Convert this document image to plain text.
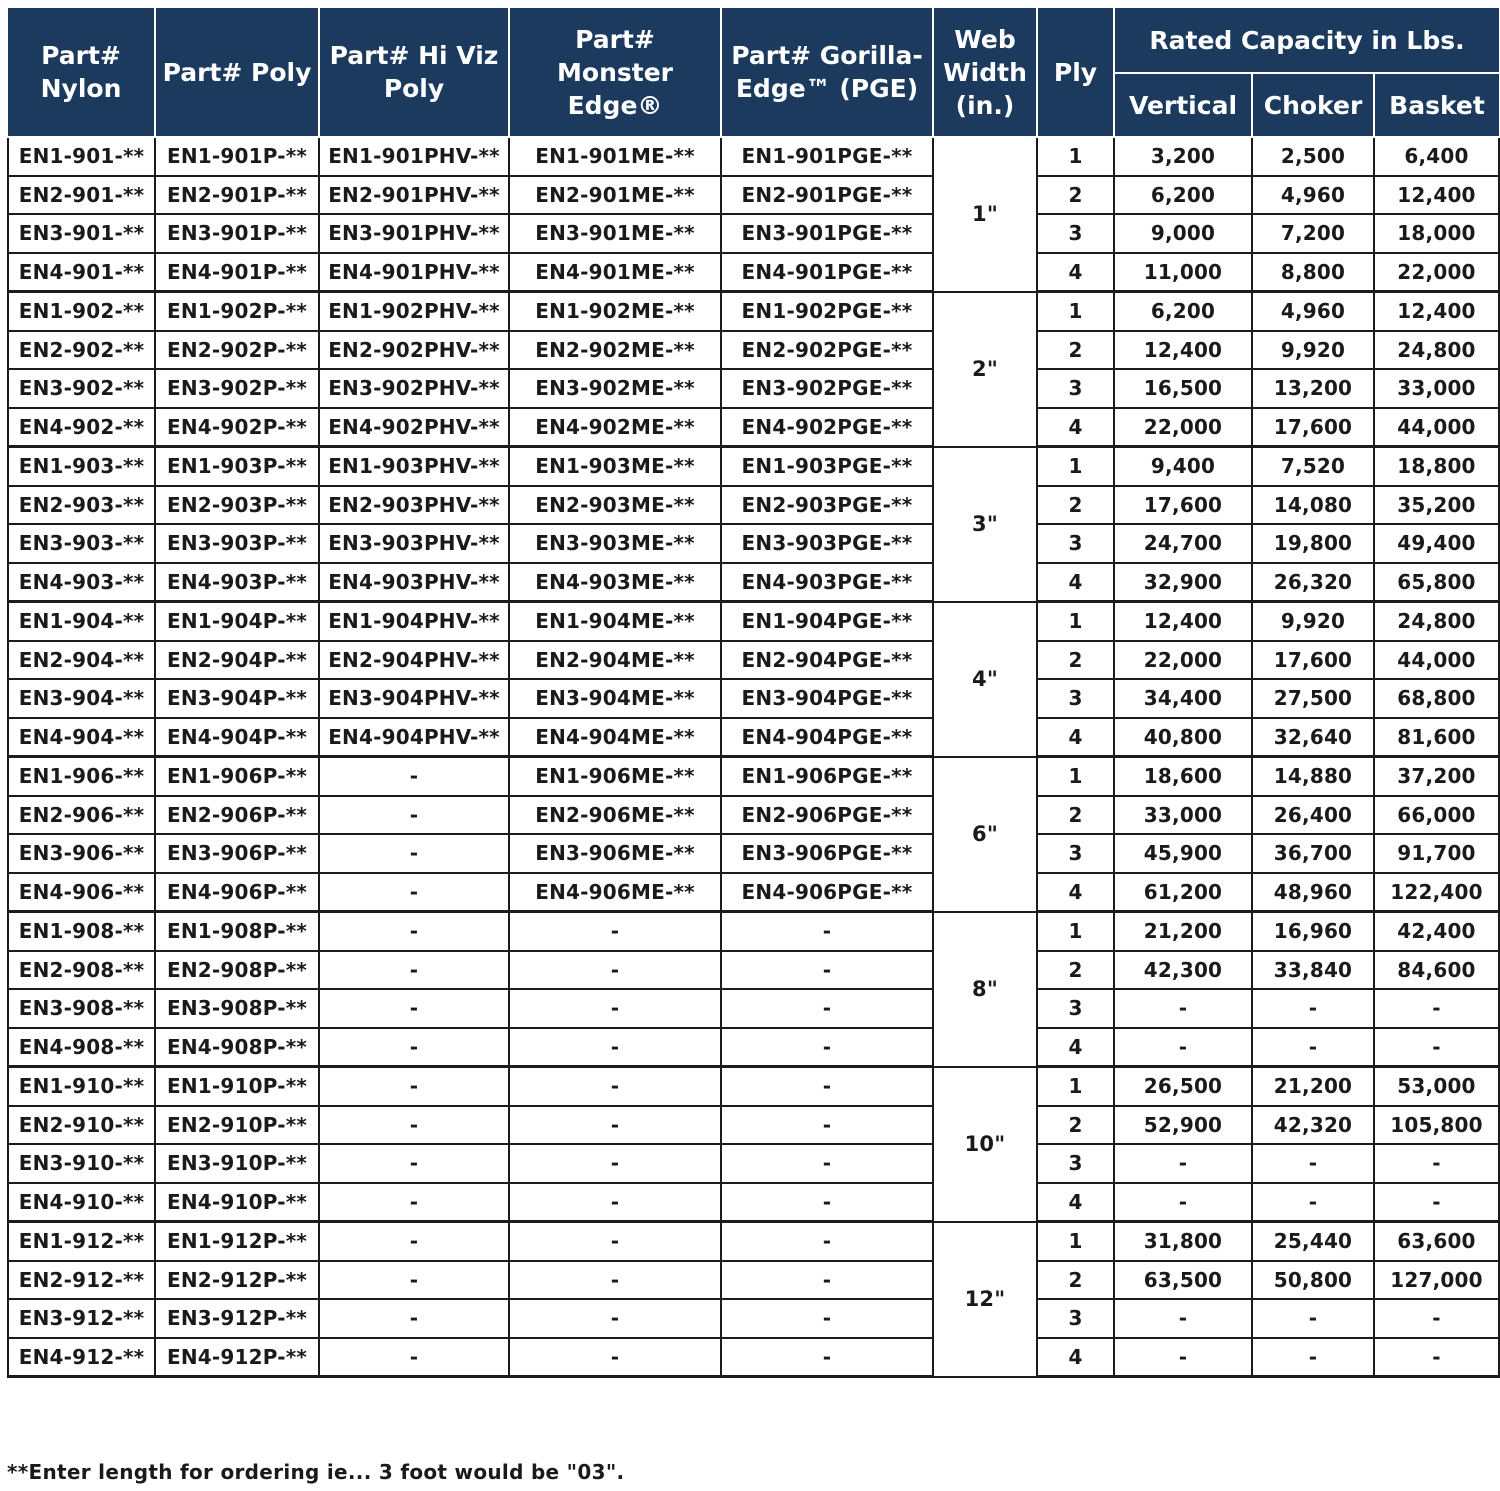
Part# Nylon	Part# Poly	Part# Hi Viz Poly	Part# Monster Edge®	Part# Gorilla-Edge™ (PGE)	Web Width (in.)	Ply	Rated Capacity in Lbs.		
							Vertical	Choker	Basket
EN1-901-**	EN1-901P-**	EN1-901PHV-**	EN1-901ME-**	EN1-901PGE-**	1"	1	3,200	2,500	6,400
EN2-901-**	EN2-901P-**	EN2-901PHV-**	EN2-901ME-**	EN2-901PGE-**		2	6,200	4,960	12,400
EN3-901-**	EN3-901P-**	EN3-901PHV-**	EN3-901ME-**	EN3-901PGE-**		3	9,000	7,200	18,000
EN4-901-**	EN4-901P-**	EN4-901PHV-**	EN4-901ME-**	EN4-901PGE-**		4	11,000	8,800	22,000
EN1-902-**	EN1-902P-**	EN1-902PHV-**	EN1-902ME-**	EN1-902PGE-**	2"	1	6,200	4,960	12,400
EN2-902-**	EN2-902P-**	EN2-902PHV-**	EN2-902ME-**	EN2-902PGE-**		2	12,400	9,920	24,800
EN3-902-**	EN3-902P-**	EN3-902PHV-**	EN3-902ME-**	EN3-902PGE-**		3	16,500	13,200	33,000
EN4-902-**	EN4-902P-**	EN4-902PHV-**	EN4-902ME-**	EN4-902PGE-**		4	22,000	17,600	44,000
EN1-903-**	EN1-903P-**	EN1-903PHV-**	EN1-903ME-**	EN1-903PGE-**	3"	1	9,400	7,520	18,800
EN2-903-**	EN2-903P-**	EN2-903PHV-**	EN2-903ME-**	EN2-903PGE-**		2	17,600	14,080	35,200
EN3-903-**	EN3-903P-**	EN3-903PHV-**	EN3-903ME-**	EN3-903PGE-**		3	24,700	19,800	49,400
EN4-903-**	EN4-903P-**	EN4-903PHV-**	EN4-903ME-**	EN4-903PGE-**		4	32,900	26,320	65,800
EN1-904-**	EN1-904P-**	EN1-904PHV-**	EN1-904ME-**	EN1-904PGE-**	4"	1	12,400	9,920	24,800
EN2-904-**	EN2-904P-**	EN2-904PHV-**	EN2-904ME-**	EN2-904PGE-**		2	22,000	17,600	44,000
EN3-904-**	EN3-904P-**	EN3-904PHV-**	EN3-904ME-**	EN3-904PGE-**		3	34,400	27,500	68,800
EN4-904-**	EN4-904P-**	EN4-904PHV-**	EN4-904ME-**	EN4-904PGE-**		4	40,800	32,640	81,600
EN1-906-**	EN1-906P-**	-	EN1-906ME-**	EN1-906PGE-**	6"	1	18,600	14,880	37,200
EN2-906-**	EN2-906P-**	-	EN2-906ME-**	EN2-906PGE-**		2	33,000	26,400	66,000
EN3-906-**	EN3-906P-**	-	EN3-906ME-**	EN3-906PGE-**		3	45,900	36,700	91,700
EN4-906-**	EN4-906P-**	-	EN4-906ME-**	EN4-906PGE-**		4	61,200	48,960	122,400
EN1-908-**	EN1-908P-**	-	-	-	8"	1	21,200	16,960	42,400
EN2-908-**	EN2-908P-**	-	-	-		2	42,300	33,840	84,600
EN3-908-**	EN3-908P-**	-	-	-		3	-	-	-
EN4-908-**	EN4-908P-**	-	-	-		4	-	-	-
EN1-910-**	EN1-910P-**	-	-	-	10"	1	26,500	21,200	53,000
EN2-910-**	EN2-910P-**	-	-	-		2	52,900	42,320	105,800
EN3-910-**	EN3-910P-**	-	-	-		3	-	-	-
EN4-910-**	EN4-910P-**	-	-	-		4	-	-	-
EN1-912-**	EN1-912P-**	-	-	-	12"	1	31,800	25,440	63,600
EN2-912-**	EN2-912P-**	-	-	-		2	63,500	50,800	127,000
EN3-912-**	EN3-912P-**	-	-	-		3	-	-	-
EN4-912-**	EN4-912P-**	-	-	-		4	-	-	-
**Enter length for ordering ie... 3 foot would be "03".
